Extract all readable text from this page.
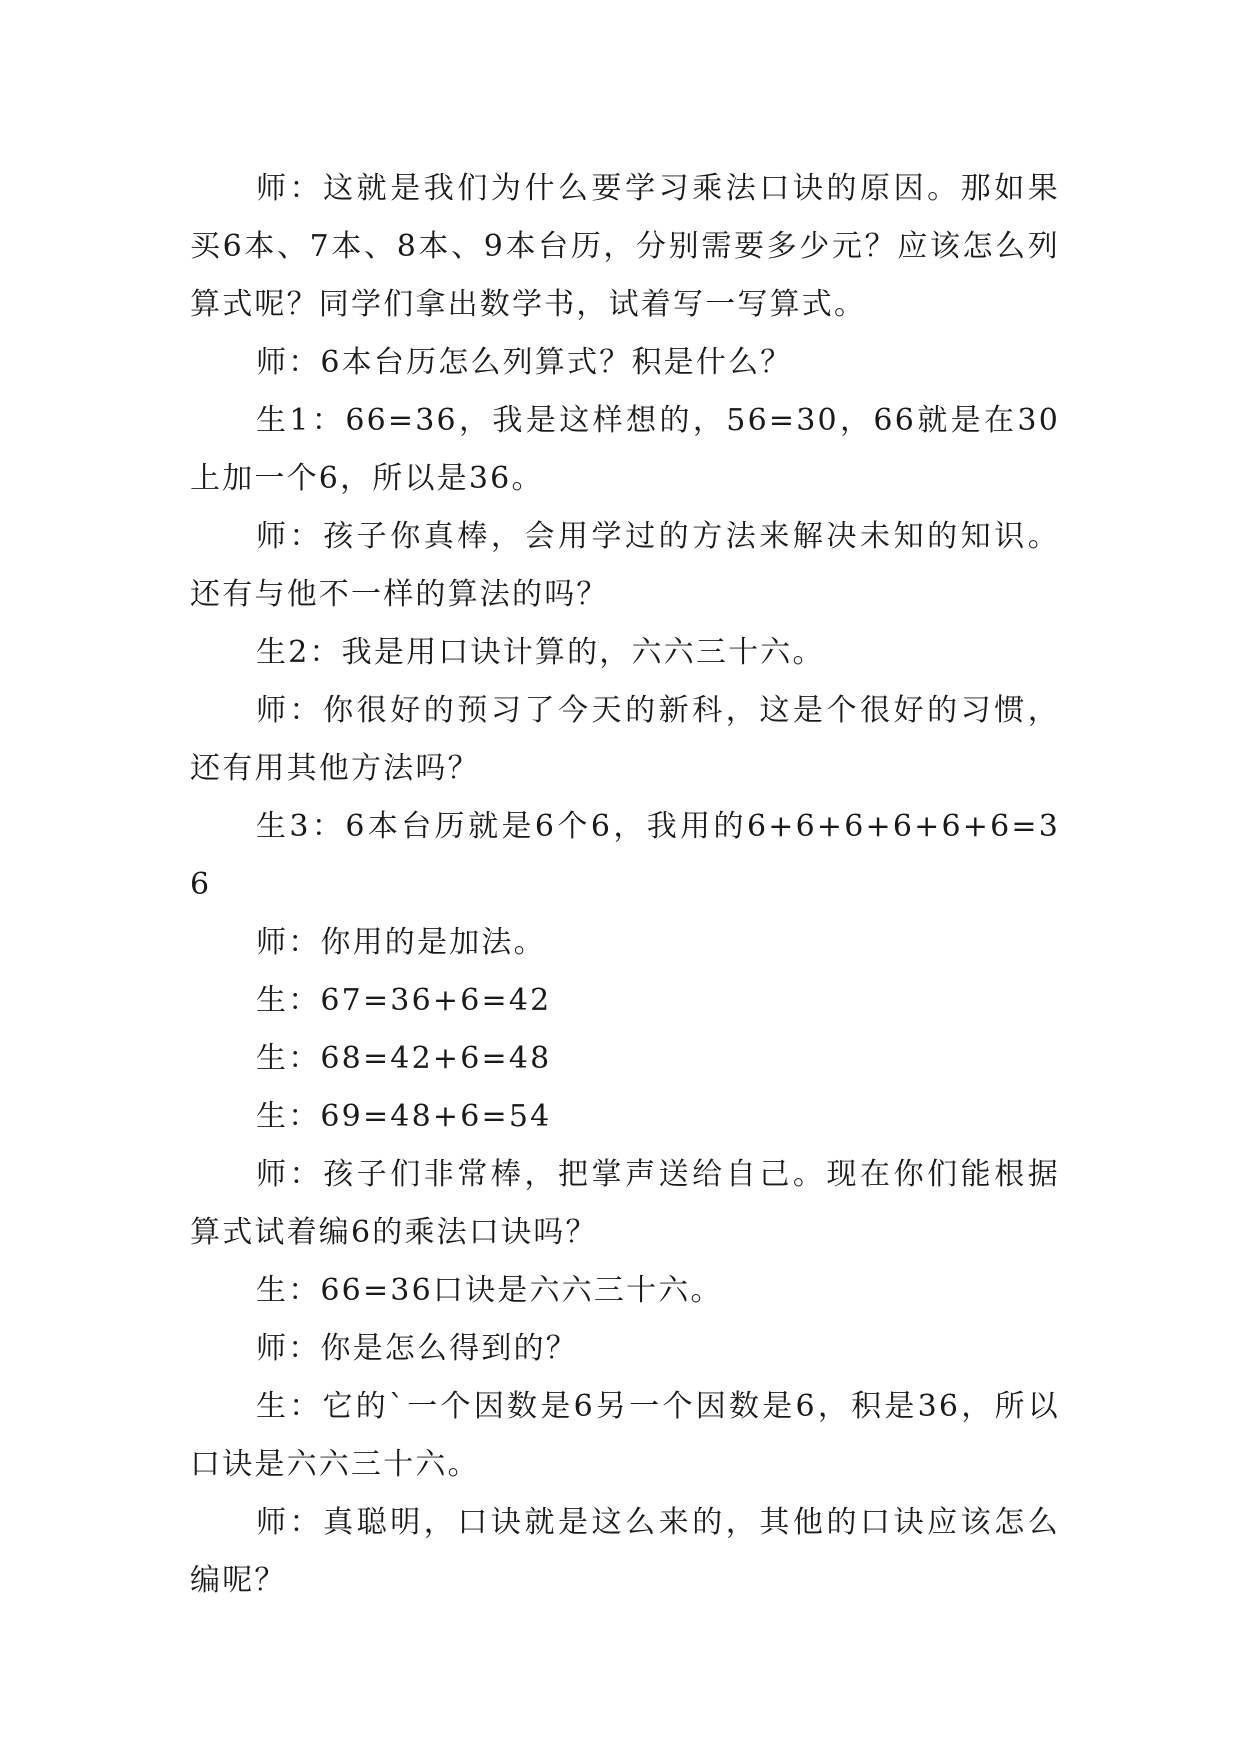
师：这就是我们为什么要学习乘法口诀的原因。那如果买6本、7本、8本、9本台历，分别需要多少元？应该怎么列算式呢？同学们拿出数学书，试着写一写算式。

师：6本台历怎么列算式？积是什么？

生1：66=36，我是这样想的，56=30，66就是在30上加一个6，所以是36。

师：孩子你真棒，会用学过的方法来解决未知的知识。还有与他不一样的算法的吗？

生2：我是用口诀计算的，六六三十六。

师：你很好的预习了今天的新科，这是个很好的习惯，还有用其他方法吗？

生3：6本台历就是6个6，我用的6+6+6+6+6+6=36

师：你用的是加法。

生：67=36+6=42

生：68=42+6=48

生：69=48+6=54

师：孩子们非常棒，把掌声送给自己。现在你们能根据算式试着编6的乘法口诀吗？

生：66=36口诀是六六三十六。

师：你是怎么得到的？

生：它的`一个因数是6另一个因数是6，积是36，所以口诀是六六三十六。

师：真聪明，口诀就是这么来的，其他的口诀应该怎么编呢？
